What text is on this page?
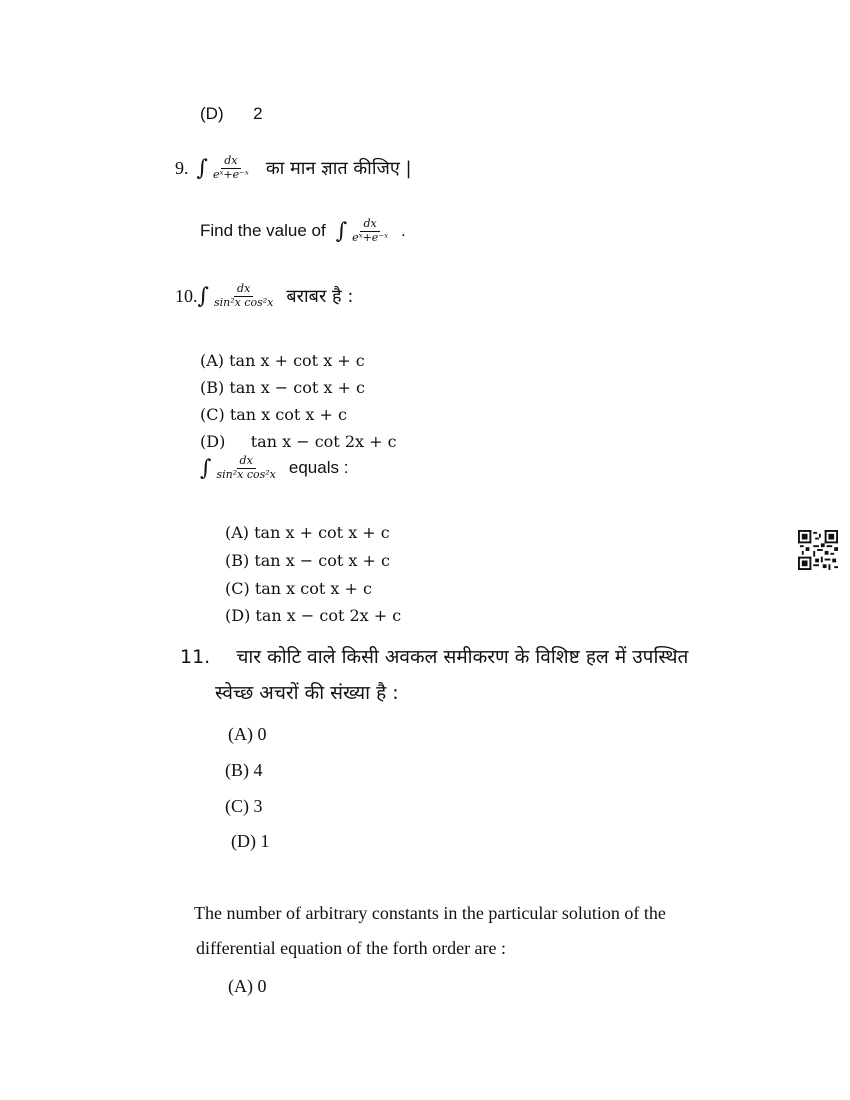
(D) 2
9. ∫ $\frac{dx}{\text{eˣ+e⁻ˣ}}$ का मान ज्ञात कीजिए |
Find the value of ∫ $\frac{dx}{\text{eˣ+e⁻ˣ}}$ .
10. ∫ $\frac{dx}{\text{sin²x cos²x}}$ बराबर है :
(A) tan x + cot x + c
(B) tan x − cot x + c
(C) tan x cot x + c
(D)     tan x − cot 2x + c
∫ $\frac{dx}{\text{sin²x cos²x}}$ equals :
(A) tan x + cot x + c
(B) tan x − cot x + c
(C) tan x cot x + c
(D) tan x − cot 2x + c
11. चार कोटि वाले किसी अवकल समीकरण के विशिष्ट हल में उपस्थित
स्वेच्छ अचरों की संख्या है :
(A) 0
(B) 4
(C) 3
(D) 1
The number of arbitrary constants in the particular solution of the
differential equation of the forth order are :
(A) 0
